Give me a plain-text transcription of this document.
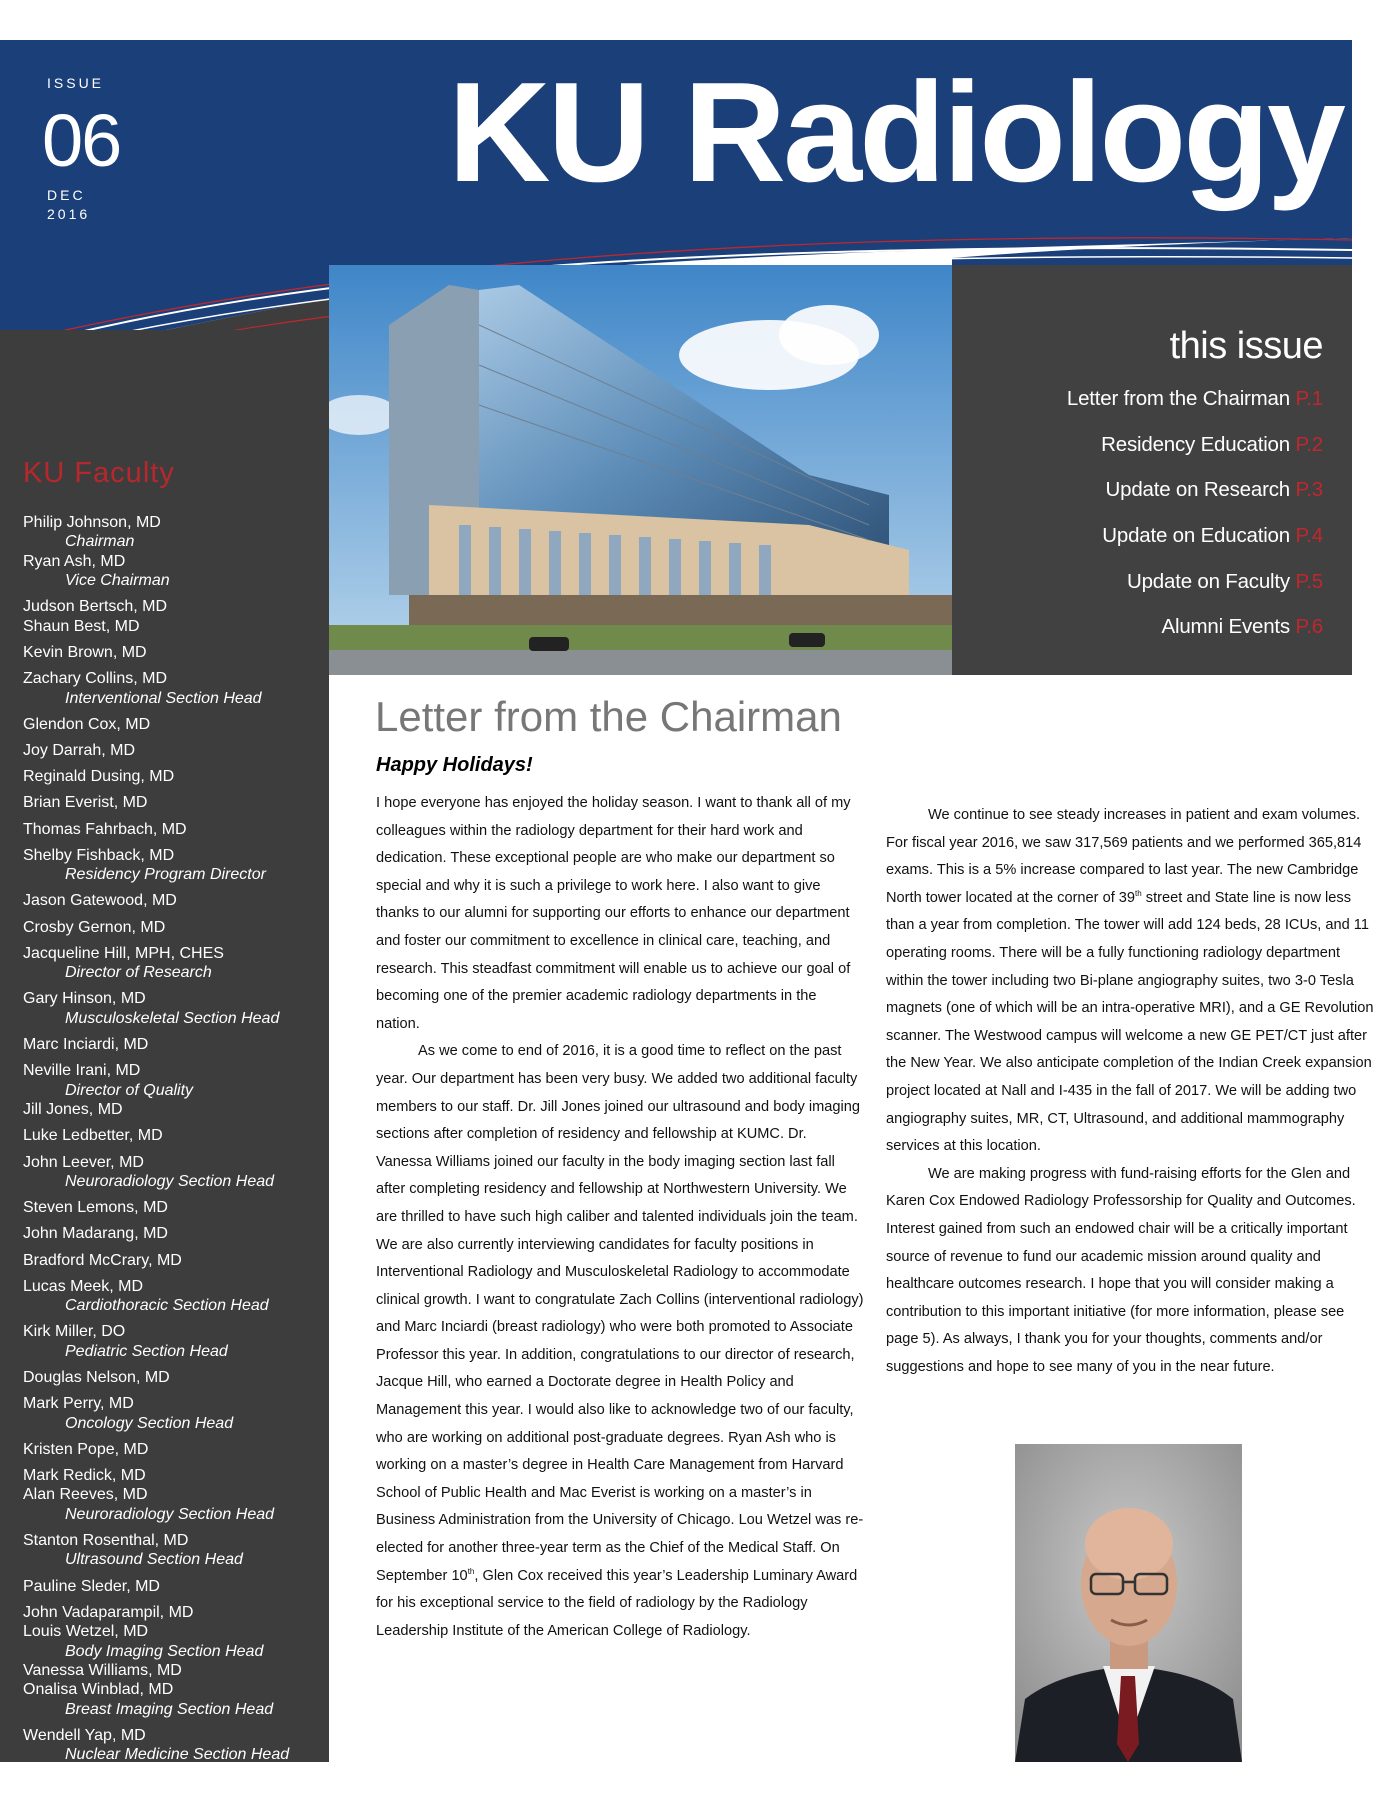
ISSUE
06
DEC
2016
KU Radiology
this issue
Letter from the Chairman P.1
Residency Education P.2
Update on Research P.3
Update on Education P.4
Update on Faculty P.5
Alumni Events P.6
KU Faculty
Philip Johnson, MD
Chairman
Ryan Ash, MD
Vice Chairman
Judson Bertsch, MD
Shaun Best, MD
Kevin Brown, MD
Zachary Collins, MD
Interventional Section Head
Glendon Cox, MD
Joy Darrah, MD
Reginald Dusing, MD
Brian Everist, MD
Thomas Fahrbach, MD
Shelby Fishback, MD
Residency Program Director
Jason Gatewood, MD
Crosby Gernon, MD
Jacqueline Hill, MPH, CHES
Director of Research
Gary Hinson, MD
Musculoskeletal Section Head
Marc Inciardi, MD
Neville Irani, MD
Director of Quality
Jill Jones, MD
Luke Ledbetter, MD
John Leever, MD
Neuroradiology Section Head
Steven Lemons, MD
John Madarang, MD
Bradford McCrary, MD
Lucas Meek, MD
Cardiothoracic Section Head
Kirk Miller, DO
Pediatric Section Head
Douglas Nelson, MD
Mark Perry, MD
Oncology Section Head
Kristen Pope, MD
Mark Redick, MD
Alan Reeves, MD
Neuroradiology Section Head
Stanton Rosenthal, MD
Ultrasound Section Head
Pauline Sleder, MD
John Vadaparampil, MD
Louis Wetzel, MD
Body Imaging Section Head
Vanessa Williams, MD
Onalisa Winblad, MD
Breast Imaging Section Head
Wendell Yap, MD
Nuclear Medicine Section Head
Letter from the Chairman
Happy Holidays!

I hope everyone has enjoyed the holiday season. I want to thank all of my colleagues within the radiology department for their hard work and dedication. These exceptional people are who make our department so special and why it is such a privilege to work here. I also want to give thanks to our alumni for supporting our efforts to enhance our department and foster our commitment to excellence in clinical care, teaching, and research. This steadfast commitment will enable us to achieve our goal of becoming one of the premier academic radiology departments in the nation.

As we come to end of 2016, it is a good time to reflect on the past year. Our department has been very busy. We added two additional faculty members to our staff. Dr. Jill Jones joined our ultrasound and body imaging sections after completion of residency and fellowship at KUMC. Dr. Vanessa Williams joined our faculty in the body imaging section last fall after completing residency and fellowship at Northwestern University. We are thrilled to have such high caliber and talented individuals join the team. We are also currently interviewing candidates for faculty positions in Interventional Radiology and Musculoskeletal Radiology to accommodate clinical growth. I want to congratulate Zach Collins (interventional radiology) and Marc Inciardi (breast radiology) who were both promoted to Associate Professor this year. In addition, congratulations to our director of research, Jacque Hill, who earned a Doctorate degree in Health Policy and Management this year. I would also like to acknowledge two of our faculty, who are working on additional post-graduate degrees. Ryan Ash who is working on a master’s degree in Health Care Management from Harvard School of Public Health and Mac Everist is working on a master’s in Business Administration from the University of Chicago. Lou Wetzel was re-elected for another three-year term as the Chief of the Medical Staff. On September 10th, Glen Cox received this year’s Leadership Luminary Award for his exceptional service to the field of radiology by the Radiology Leadership Institute of the American College of Radiology.

We continue to see steady increases in patient and exam volumes. For fiscal year 2016, we saw 317,569 patients and we performed 365,814 exams. This is a 5% increase compared to last year. The new Cambridge North tower located at the corner of 39th street and State line is now less than a year from completion. The tower will add 124 beds, 28 ICUs, and 11 operating rooms. There will be a fully functioning radiology department within the tower including two Bi-plane angiography suites, two 3-0 Tesla magnets (one of which will be an intra-operative MRI), and a GE Revolution scanner. The Westwood campus will welcome a new GE PET/CT just after the New Year. We also anticipate completion of the Indian Creek expansion project located at Nall and I-435 in the fall of 2017. We will be adding two angiography suites, MR, CT, Ultrasound, and additional mammography services at this location.

We are making progress with fund-raising efforts for the Glen and Karen Cox Endowed Radiology Professorship for Quality and Outcomes. Interest gained from such an endowed chair will be a critically important source of revenue to fund our academic mission around quality and healthcare outcomes research. I hope that you will consider making a contribution to this important initiative (for more information, please see page 5). As always, I thank you for your thoughts, comments and/or suggestions and hope to see many of you in the near future.
